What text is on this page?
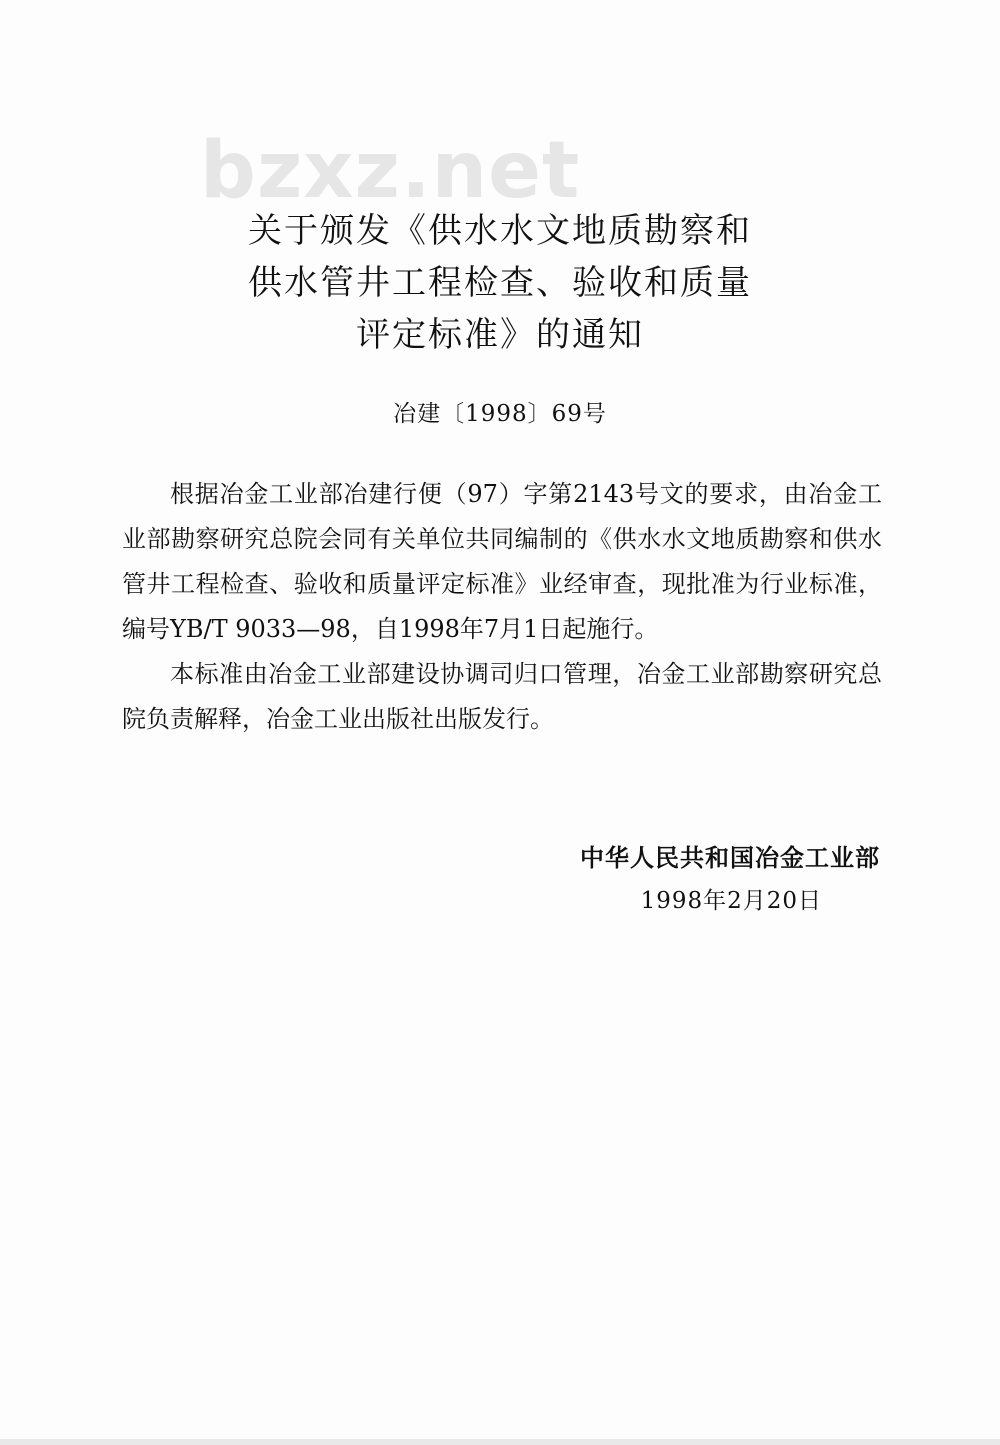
bzxz.net
关于颁发《供水水文地质勘察和
供水管井工程检查、验收和质量
评定标准》的通知
冶建〔1998〕69号

根据冶金工业部冶建行便（97）字第2143号文的要求，由冶金工业部勘察研究总院会同有关单位共同编制的《供水水文地质勘察和供水管井工程检查、验收和质量评定标准》业经审查，现批准为行业标准，编号YB/T 9033—98，自1998年7月1日起施行。

本标准由冶金工业部建设协调司归口管理，冶金工业部勘察研究总院负责解释，冶金工业出版社出版发行。

中华人民共和国冶金工业部
1998年2月20日
